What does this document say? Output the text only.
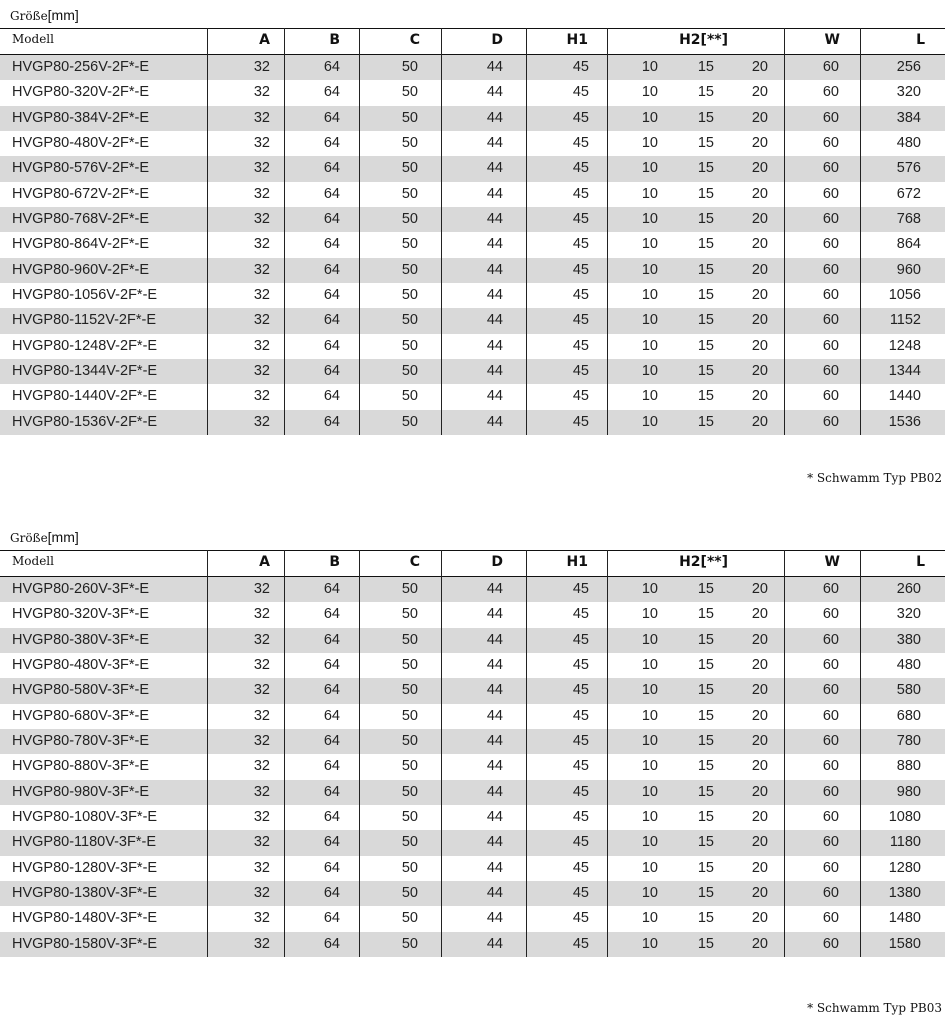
Größe[mm]
Modell	A	B	C	D	H1	H2[**]	W	L
HVGP80-256V-2F*-E	32	64	50	44	45	10	15	20	60	256
HVGP80-320V-2F*-E	32	64	50	44	45	10	15	20	60	320
HVGP80-384V-2F*-E	32	64	50	44	45	10	15	20	60	384
HVGP80-480V-2F*-E	32	64	50	44	45	10	15	20	60	480
HVGP80-576V-2F*-E	32	64	50	44	45	10	15	20	60	576
HVGP80-672V-2F*-E	32	64	50	44	45	10	15	20	60	672
HVGP80-768V-2F*-E	32	64	50	44	45	10	15	20	60	768
HVGP80-864V-2F*-E	32	64	50	44	45	10	15	20	60	864
HVGP80-960V-2F*-E	32	64	50	44	45	10	15	20	60	960
HVGP80-1056V-2F*-E	32	64	50	44	45	10	15	20	60	1056
HVGP80-1152V-2F*-E	32	64	50	44	45	10	15	20	60	1152
HVGP80-1248V-2F*-E	32	64	50	44	45	10	15	20	60	1248
HVGP80-1344V-2F*-E	32	64	50	44	45	10	15	20	60	1344
HVGP80-1440V-2F*-E	32	64	50	44	45	10	15	20	60	1440
HVGP80-1536V-2F*-E	32	64	50	44	45	10	15	20	60	1536
* Schwamm Typ PB02
Größe[mm]
Modell	A	B	C	D	H1	H2[**]	W	L
HVGP80-260V-3F*-E	32	64	50	44	45	10	15	20	60	260
HVGP80-320V-3F*-E	32	64	50	44	45	10	15	20	60	320
HVGP80-380V-3F*-E	32	64	50	44	45	10	15	20	60	380
HVGP80-480V-3F*-E	32	64	50	44	45	10	15	20	60	480
HVGP80-580V-3F*-E	32	64	50	44	45	10	15	20	60	580
HVGP80-680V-3F*-E	32	64	50	44	45	10	15	20	60	680
HVGP80-780V-3F*-E	32	64	50	44	45	10	15	20	60	780
HVGP80-880V-3F*-E	32	64	50	44	45	10	15	20	60	880
HVGP80-980V-3F*-E	32	64	50	44	45	10	15	20	60	980
HVGP80-1080V-3F*-E	32	64	50	44	45	10	15	20	60	1080
HVGP80-1180V-3F*-E	32	64	50	44	45	10	15	20	60	1180
HVGP80-1280V-3F*-E	32	64	50	44	45	10	15	20	60	1280
HVGP80-1380V-3F*-E	32	64	50	44	45	10	15	20	60	1380
HVGP80-1480V-3F*-E	32	64	50	44	45	10	15	20	60	1480
HVGP80-1580V-3F*-E	32	64	50	44	45	10	15	20	60	1580
* Schwamm Typ PB03
